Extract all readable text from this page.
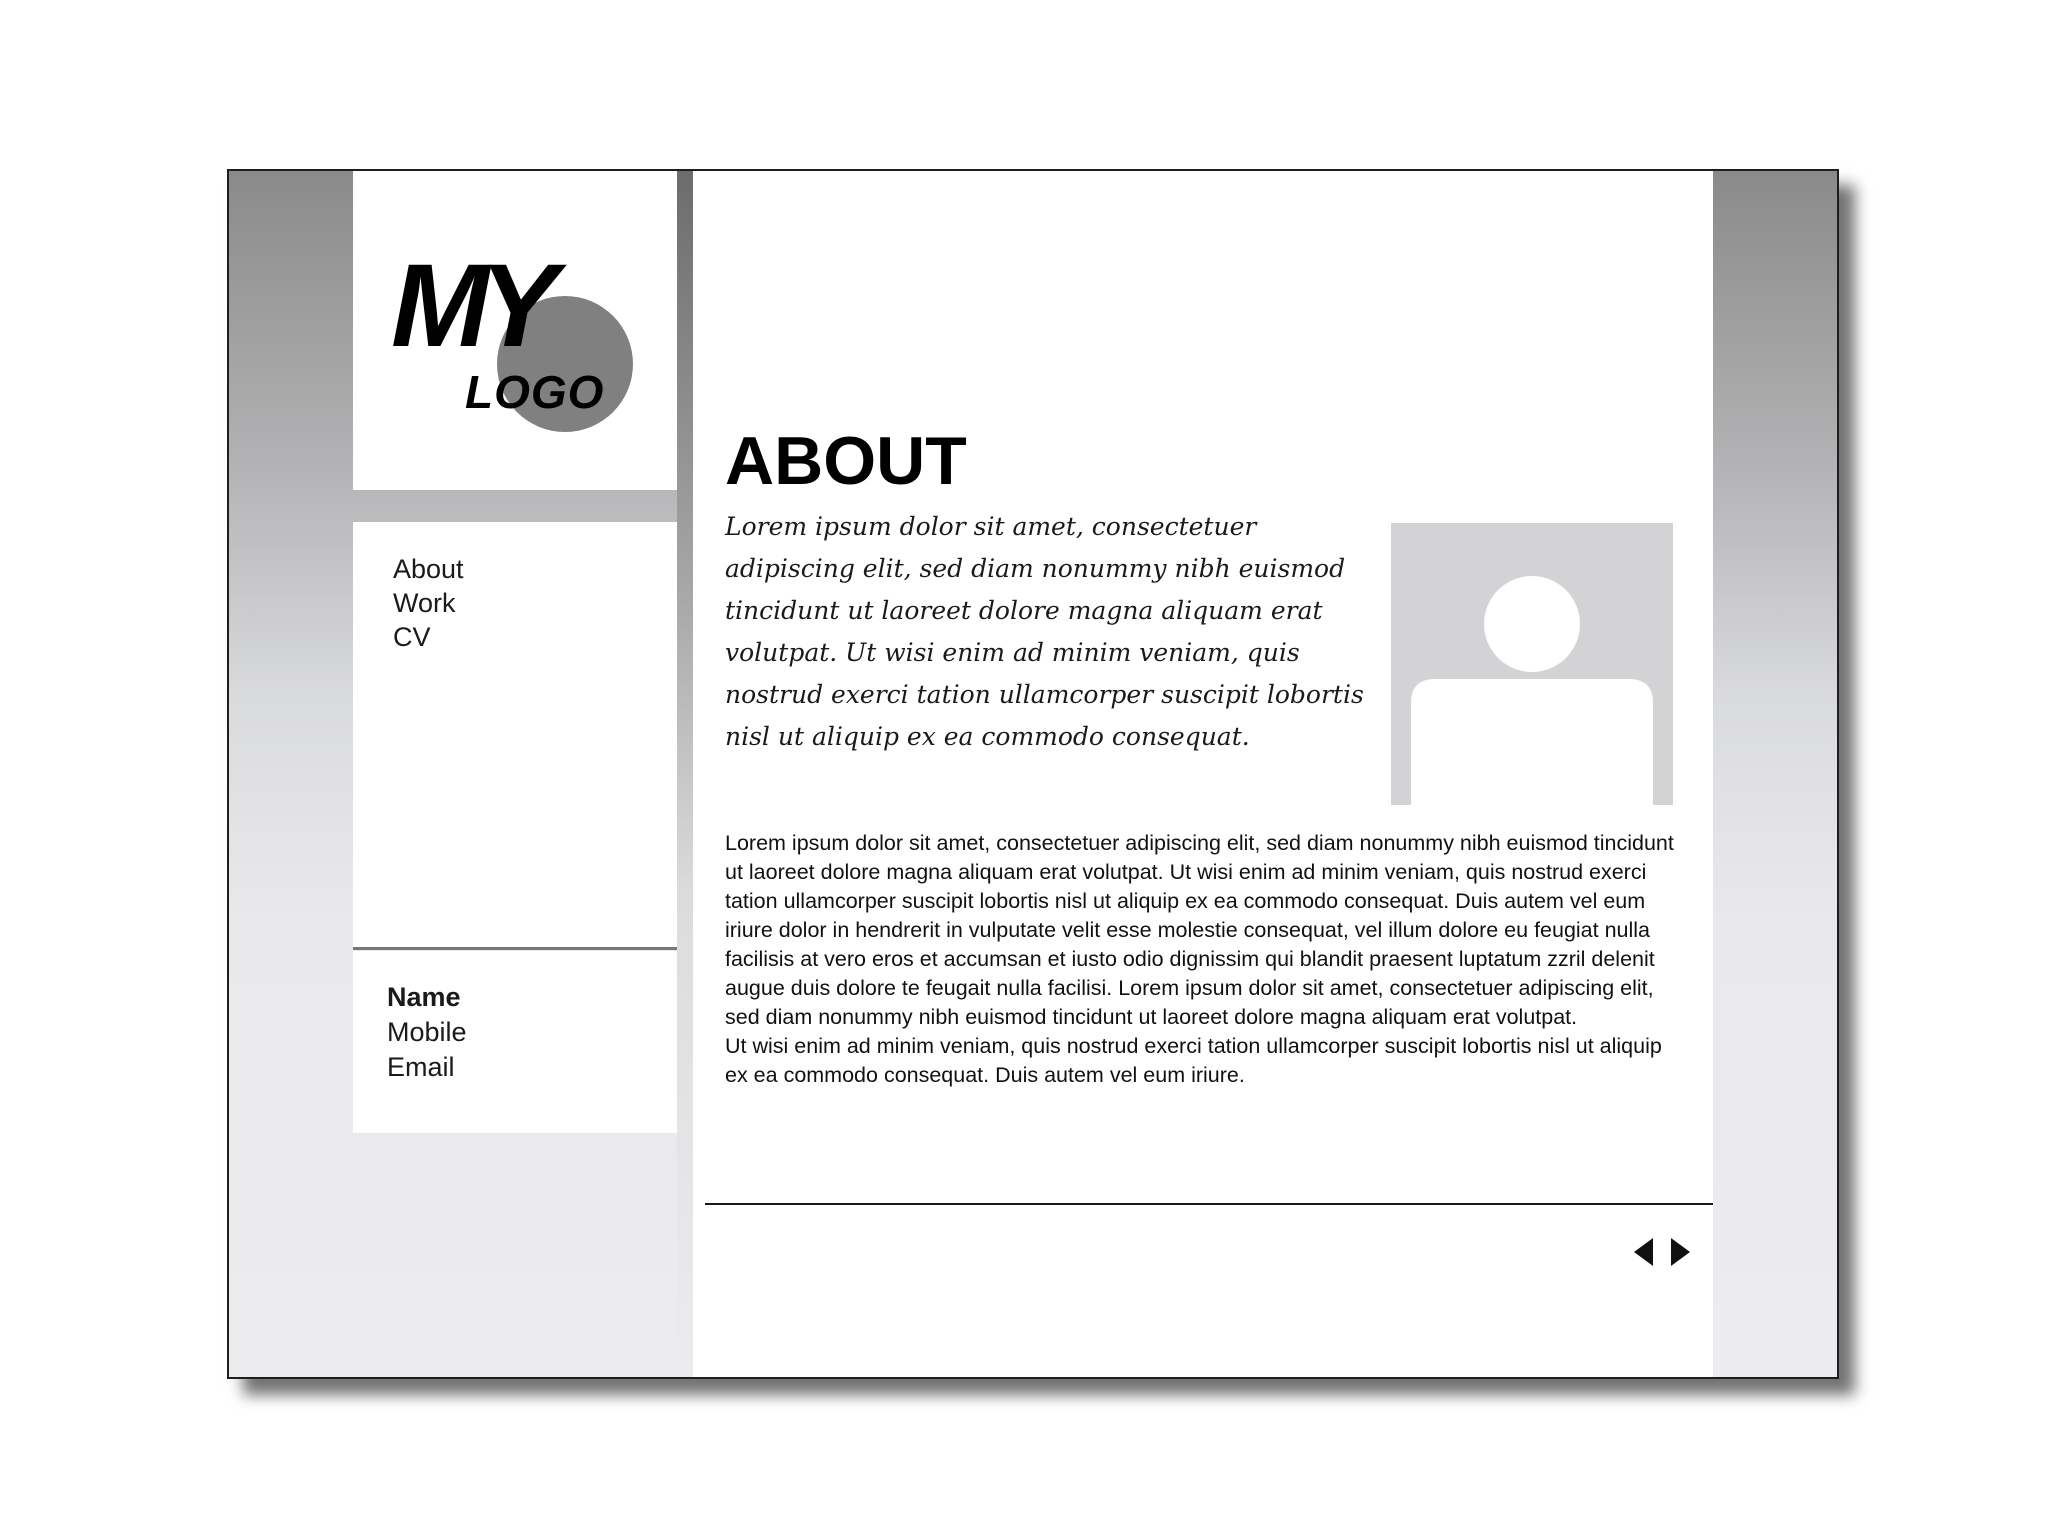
MY
LOGO
About
Work
CV
Name
Mobile
Email
ABOUT

Lorem ipsum dolor sit amet, consectetuer adipiscing elit, sed diam nonummy nibh euismod tincidunt ut laoreet dolore magna aliquam erat volutpat. Ut wisi enim ad minim veniam, quis nostrud exerci tation ullamcorper suscipit lobortis nisl ut aliquip ex ea commodo consequat.

Lorem ipsum dolor sit amet, consectetuer adipiscing elit, sed diam nonummy nibh euismod tincidunt ut laoreet dolore magna aliquam erat volutpat. Ut wisi enim ad minim veniam, quis nostrud exerci tation ullamcorper suscipit lobortis nisl ut aliquip ex ea commodo consequat. Duis autem vel eum iriure dolor in hendrerit in vulputate velit esse molestie consequat, vel illum dolore eu feugiat nulla facilisis at vero eros et accumsan et iusto odio dignissim qui blandit praesent luptatum zzril delenit augue duis dolore te feugait nulla facilisi. Lorem ipsum dolor sit amet, consectetuer adipiscing elit, sed diam nonummy nibh euismod tincidunt ut laoreet dolore magna aliquam erat volutpat.

Ut wisi enim ad minim veniam, quis nostrud exerci tation ullamcorper suscipit lobortis nisl ut aliquip ex ea commodo consequat. Duis autem vel eum iriure.
